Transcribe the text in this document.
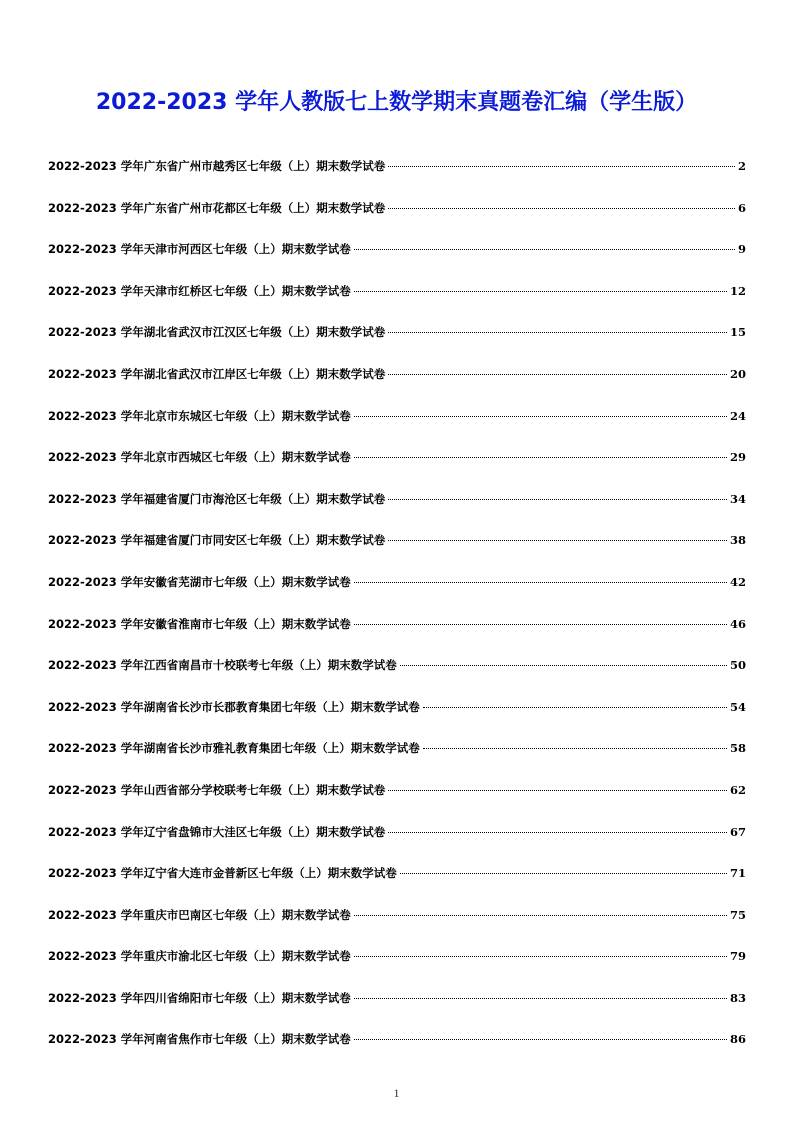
2022-2023 学年人教版七上数学期末真题卷汇编（学生版）
2022-2023 学年广东省广州市越秀区七年级（上）期末数学试卷	2
2022-2023 学年广东省广州市花都区七年级（上）期末数学试卷	6
2022-2023 学年天津市河西区七年级（上）期末数学试卷	9
2022-2023 学年天津市红桥区七年级（上）期末数学试卷	12
2022-2023 学年湖北省武汉市江汉区七年级（上）期末数学试卷	15
2022-2023 学年湖北省武汉市江岸区七年级（上）期末数学试卷	20
2022-2023 学年北京市东城区七年级（上）期末数学试卷	24
2022-2023 学年北京市西城区七年级（上）期末数学试卷	29
2022-2023 学年福建省厦门市海沧区七年级（上）期末数学试卷	34
2022-2023 学年福建省厦门市同安区七年级（上）期末数学试卷	38
2022-2023 学年安徽省芜湖市七年级（上）期末数学试卷	42
2022-2023 学年安徽省淮南市七年级（上）期末数学试卷	46
2022-2023 学年江西省南昌市十校联考七年级（上）期末数学试卷	50
2022-2023 学年湖南省长沙市长郡教育集团七年级（上）期末数学试卷	54
2022-2023 学年湖南省长沙市雅礼教育集团七年级（上）期末数学试卷	58
2022-2023 学年山西省部分学校联考七年级（上）期末数学试卷	62
2022-2023 学年辽宁省盘锦市大洼区七年级（上）期末数学试卷	67
2022-2023 学年辽宁省大连市金普新区七年级（上）期末数学试卷	71
2022-2023 学年重庆市巴南区七年级（上）期末数学试卷	75
2022-2023 学年重庆市渝北区七年级（上）期末数学试卷	79
2022-2023 学年四川省绵阳市七年级（上）期末数学试卷	83
2022-2023 学年河南省焦作市七年级（上）期末数学试卷	86
1
